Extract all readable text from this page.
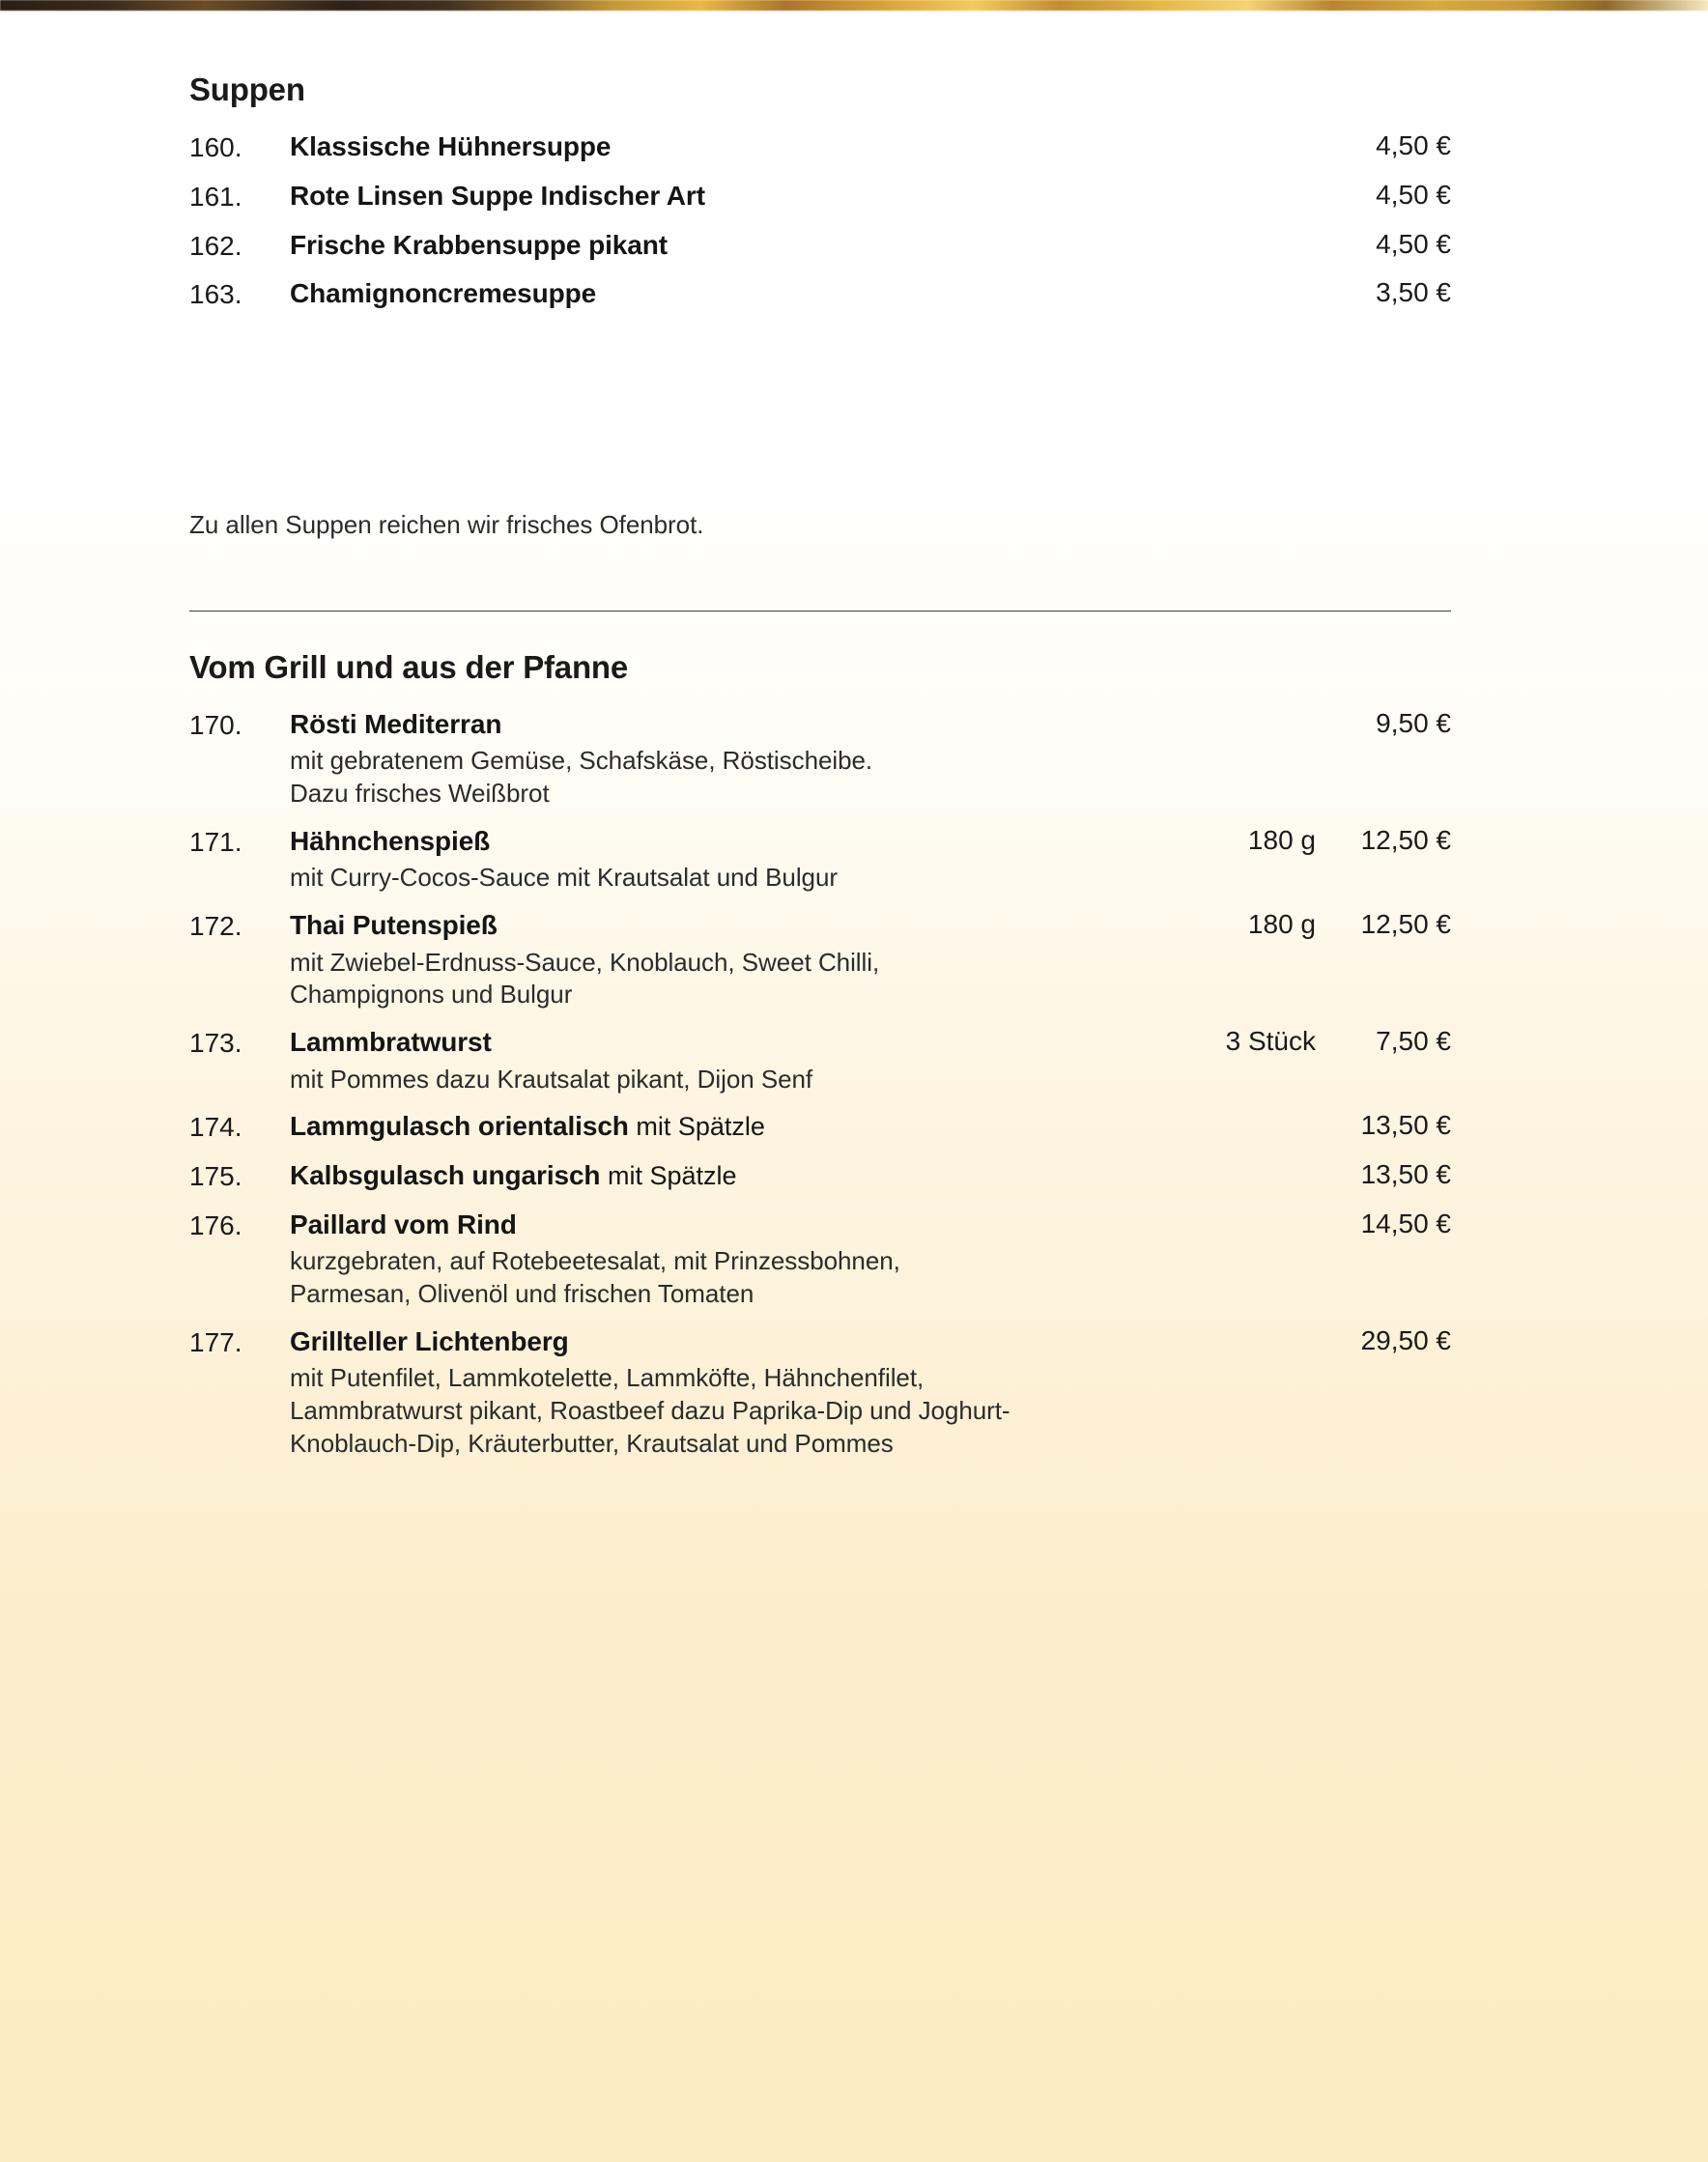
Suppen
160.	Klassische Hühnersuppe	4,50 €
161.	Rote Linsen Suppe Indischer Art	4,50 €
162.	Frische Krabbensuppe pikant	4,50 €
163.	Chamignoncremesuppe	3,50 €
Zu allen Suppen reichen wir frisches Ofenbrot.
Vom Grill und aus der Pfanne
170.	Rösti Mediterran
mit gebratenem Gemüse, Schafskäse, Röstischeibe.
Dazu frisches Weißbrot
9,50 €
171.	Hähnchenspieß
mit Curry-Cocos-Sauce mit Krautsalat und Bulgur
180 g	12,50 €
172.	Thai Putenspieß
mit Zwiebel-Erdnuss-Sauce, Knoblauch, Sweet Chilli,
Champignons und Bulgur
180 g	12,50 €
173.	Lammbratwurst
mit Pommes dazu Krautsalat pikant, Dijon Senf
3 Stück	7,50 €
174.	Lammgulasch orientalisch mit Spätzle	13,50 €
175.	Kalbsgulasch ungarisch mit Spätzle	13,50 €
176.	Paillard vom Rind
kurzgebraten, auf Rotebeetesalat, mit Prinzessbohnen,
Parmesan, Olivenöl und frischen Tomaten
14,50 €
177.	Grillteller Lichtenberg
mit Putenfilet, Lammkotelette, Lammköfte, Hähnchenfilet,
Lammbratwurst pikant, Roastbeef dazu Paprika-Dip und Joghurt-
Knoblauch-Dip, Kräuterbutter, Krautsalat und Pommes
29,50 €
